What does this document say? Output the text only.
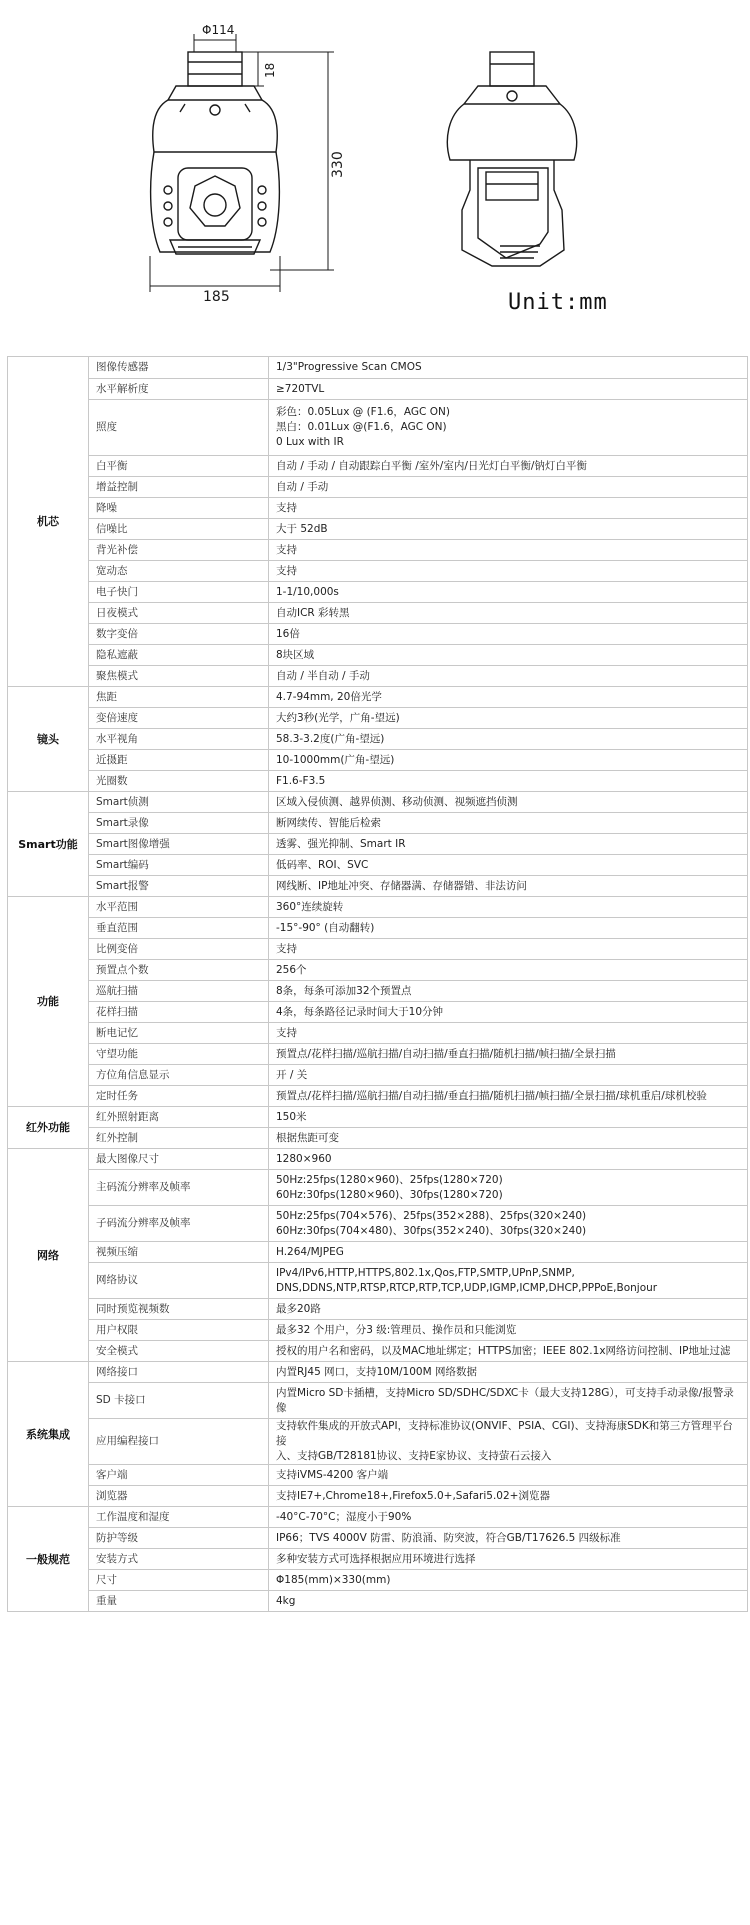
Φ114
18
330
185	Unit:mm
机芯	图像传感器	1/3"Progressive Scan CMOS
	水平解析度	≥720TVL
	照度	彩色：0.05Lux @ (F1.6，AGC ON)
黑白：0.01Lux @(F1.6，AGC ON)
0 Lux with IR
	白平衡	自动 / 手动 / 自动跟踪白平衡 /室外/室内/日光灯白平衡/钠灯白平衡
	增益控制	自动 / 手动
	降噪	支持
	信噪比	大于 52dB
	背光补偿	支持
	宽动态	支持
	电子快门	1-1/10,000s
	日夜模式	自动ICR 彩转黑
	数字变倍	16倍
	隐私遮蔽	8块区域
	聚焦模式	自动 / 半自动 / 手动
镜头	焦距	4.7-94mm, 20倍光学
	变倍速度	大约3秒(光学，广角-望远)
	水平视角	58.3-3.2度(广角-望远)
	近摄距	10-1000mm(广角-望远)
	光圈数	F1.6-F3.5
Smart功能	Smart侦测	区域入侵侦测、越界侦测、移动侦测、视频遮挡侦测
	Smart录像	断网续传、智能后检索
	Smart图像增强	透雾、强光抑制、Smart IR
	Smart编码	低码率、ROI、SVC
	Smart报警	网线断、IP地址冲突、存储器满、存储器错、非法访问
功能	水平范围	360°连续旋转
	垂直范围	-15°-90° (自动翻转)
	比例变倍	支持
	预置点个数	256个
	巡航扫描	8条，每条可添加32个预置点
	花样扫描	4条，每条路径记录时间大于10分钟
	断电记忆	支持
	守望功能	预置点/花样扫描/巡航扫描/自动扫描/垂直扫描/随机扫描/帧扫描/全景扫描
	方位角信息显示	开 / 关
	定时任务	预置点/花样扫描/巡航扫描/自动扫描/垂直扫描/随机扫描/帧扫描/全景扫描/球机重启/球机校验
红外功能	红外照射距离	150米
	红外控制	根据焦距可变
网络	最大图像尺寸	1280×960
	主码流分辨率及帧率	50Hz:25fps(1280×960)、25fps(1280×720)
60Hz:30fps(1280×960)、30fps(1280×720)
	子码流分辨率及帧率	50Hz:25fps(704×576)、25fps(352×288)、25fps(320×240)
60Hz:30fps(704×480)、30fps(352×240)、30fps(320×240)
	视频压缩	H.264/MJPEG
	网络协议	IPv4/IPv6,HTTP,HTTPS,802.1x,Qos,FTP,SMTP,UPnP,SNMP,
DNS,DDNS,NTP,RTSP,RTCP,RTP,TCP,UDP,IGMP,ICMP,DHCP,PPPoE,Bonjour
	同时预览视频数	最多20路
	用户权限	最多32 个用户，分3 级:管理员、操作员和只能浏览
	安全模式	授权的用户名和密码，以及MAC地址绑定；HTTPS加密；IEEE 802.1x网络访问控制、IP地址过滤
系统集成	网络接口	内置RJ45 网口，支持10M/100M 网络数据
	SD 卡接口	内置Micro SD卡插槽，支持Micro SD/SDHC/SDXC卡（最大支持128G），可支持手动录像/报警录
像
	应用编程接口	支持软件集成的开放式API，支持标准协议(ONVIF、PSIA、CGI)、支持海康SDK和第三方管理平台接
入、支持GB/T28181协议、支持E家协议、支持萤石云接入
	客户端	支持iVMS-4200 客户端
	浏览器	支持IE7+,Chrome18+,Firefox5.0+,Safari5.02+浏览器
一般规范	工作温度和湿度	-40°C-70°C；湿度小于90%
	防护等级	IP66；TVS 4000V 防雷、防浪涌、防突波，符合GB/T17626.5 四级标准
	安装方式	多种安装方式可选择根据应用环境进行选择
	尺寸	Φ185(mm)×330(mm)
	重量	4kg
